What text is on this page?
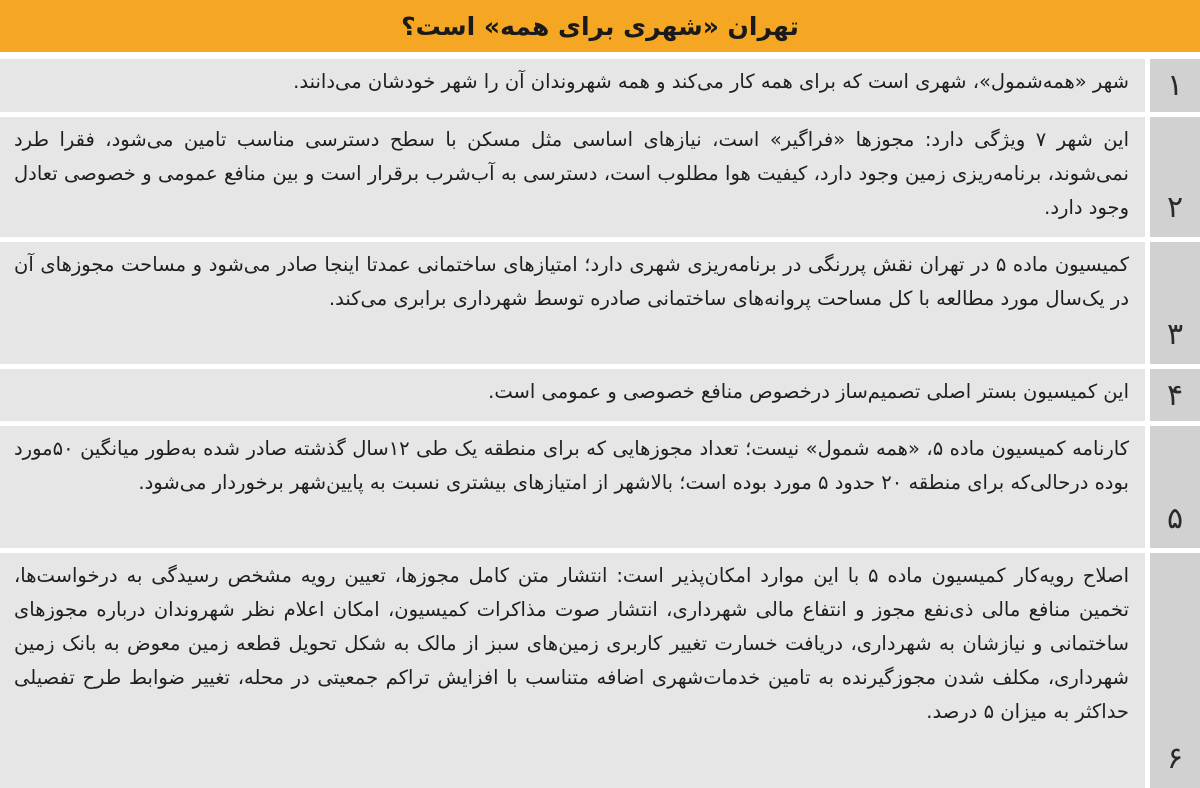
تهران «شهری برای همه» است؟
۱
شهر «همه‌شمول»، شهری است که برای همه کار می‌کند و همه شهروندان آن را شهر خودشان می‌دانند.
۲
این شهر ۷ ویژگی دارد: مجوزها «فراگیر» است، نیازهای اساسی مثل مسکن با سطح دسترسی مناسب تامین می‌شود، فقرا طرد نمی‌شوند، برنامه‌ریزی زمین وجود دارد، کیفیت هوا مطلوب است، دسترسی به آب‌شرب برقرار است و بین منافع عمومی و خصوصی تعادل وجود دارد.
۳
کمیسیون ماده ۵ در تهران نقش پررنگی در برنامه‌ریزی شهری دارد؛ امتیازهای ساختمانی عمدتا اینجا صادر می‌شود و مساحت مجوزهای آن در یک‌سال مورد مطالعه با کل مساحت پروانه‌های ساختمانی صادره توسط شهرداری برابری می‌کند.
۴
این کمیسیون بستر اصلی تصمیم‌ساز درخصوص منافع خصوصی و عمومی است.
۵
کارنامه کمیسیون ماده ۵، «همه شمول» نیست؛ تعداد مجوزهایی که برای منطقه یک طی ۱۲سال گذشته صادر شده به‌طور میانگین ۵۰مورد بوده درحالی‌که برای منطقه ۲۰ حدود ۵ مورد بوده است؛ بالاشهر از امتیازهای بیشتری نسبت به پایین‌شهر برخوردار می‌شود.
۶
اصلاح رویه‌کار کمیسیون ماده ۵ با این موارد امکان‌پذیر است: انتشار متن کامل مجوزها، تعیین رویه مشخص رسیدگی به درخواست‌ها، تخمین منافع مالی ذی‌نفع مجوز و انتفاع مالی شهرداری، انتشار صوت مذاکرات کمیسیون، امکان اعلام نظر شهروندان درباره مجوزهای ساختمانی و نیازشان به شهرداری، دریافت خسارت تغییر کاربری زمین‌های سبز از مالک به شکل تحویل قطعه زمین معوض به بانک زمین شهرداری، مکلف شدن مجوزگیرنده به تامین خدمات‌شهری اضافه متناسب با افزایش تراکم جمعیتی در محله، تغییر ضوابط طرح تفصیلی حداکثر به میزان ۵ درصد.
